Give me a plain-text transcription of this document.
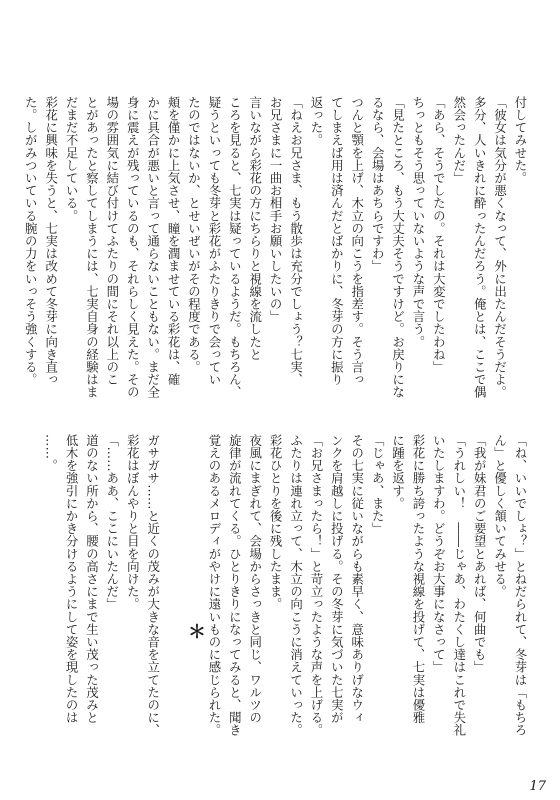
付してみせた。
「彼女は気分が悪くなって、外に出たんだそうだよ。
多分、人いきれに酔ったんだろう。俺とは、ここで偶
然会ったんだ」
「あら、そうでしたの。それは大変でしたわね」
ちっともそう思っていないような声で言う。
「見たところ、もう大丈夫そうですけど。お戻りにな
るなら、会場はあちらですわ」
つんと顎を上げ、木立の向こうを指差す。そう言っ
てしまえば用は済んだとばかりに、冬芽の方に振り
返った。
「ねえお兄さま、もう散歩は充分でしょう？七実、
お兄さまに一曲お相手お願いしたいの」
言いながら彩花の方にちらりと視線を流したと
ころを見ると、七実は疑っているようだ。もちろん、
疑うといっても冬芽と彩花がふたりきりで会ってい
たのではないか、とせいぜいがその程度である。
頬を僅かに上気させ、瞳を潤ませている彩花は、確
かに具合が悪いと言って通らないこともない。まだ全
身に震えが残っているのも、それらしく見えた。その
場の雰囲気に結び付けてふたりの間にそれ以上のこ
とがあったと察してしまうには、七実自身の経験はま
だまだ不足している。
彩花に興味を失うと、七実は改めて冬芽に向き直っ
た。しがみついている腕の力をいっそう強くする。
「ね、いいでしょ？」とねだられて、冬芽は「もちろ
ん」と優しく頷いてみせる。
「我が妹君のご要望とあれば、何曲でも」
「うれしい！　――じゃあ、わたくし達はこれで失礼
いたしますわ。どうぞお大事になさって」
彩花に勝ち誇ったような視線を投げて、七実は優雅
に踵を返す。
「じゃあ、また」
その七実に従いながらも素早く、意味ありげなウィ
ンクを肩越しに投げる。その冬芽に気づいた七実が
「お兄さまったら！」と苛立ったような声を上げる。
ふたりは連れ立って、木立の向こうに消えていった。
彩花ひとりを後に残したまま。
夜風にまぎれて、会場からさっきと同じ、ワルツの
旋律が流れてくる。ひとりきりになってみると、聞き
覚えのあるメロディがやけに遠いものに感じられた。

ガサガサ……と近くの茂みが大きな音を立てたのに、
彩花はぼんやりと目を向けた。
「……ああ、ここにいたんだ」
道のない所から、腰の高さにまで生い茂った茂みと
低木を強引にかき分けるようにして姿を現したのは
……。
＊
17
